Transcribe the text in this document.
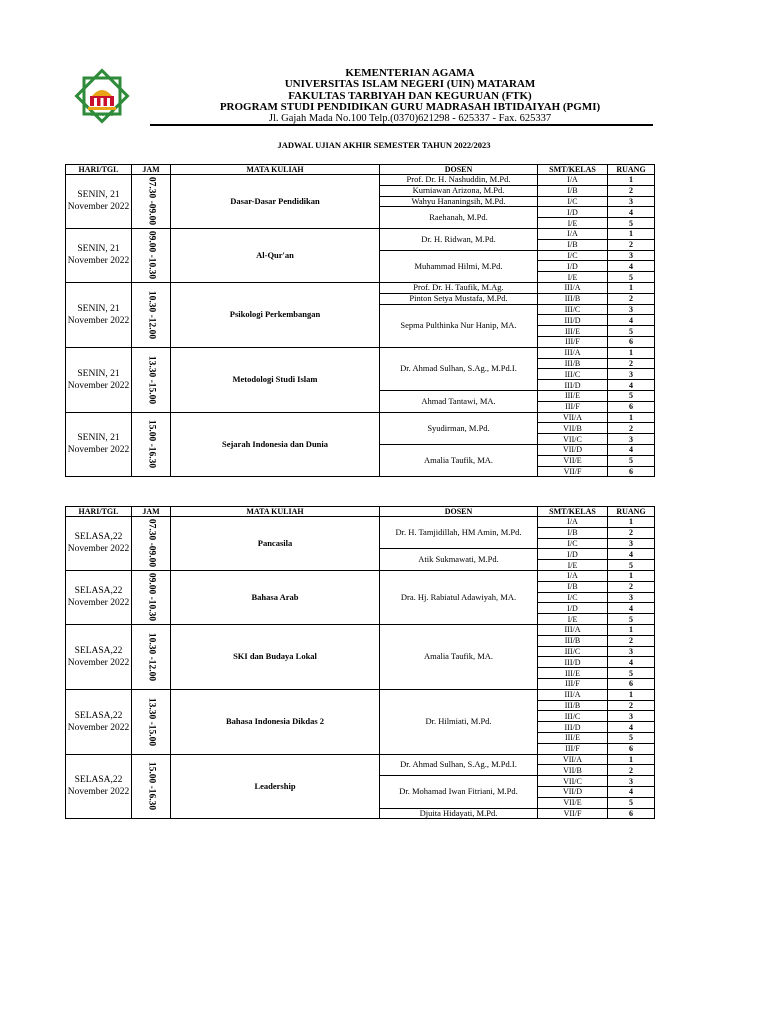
MATARAM
KEMENTERIAN AGAMA
UNIVERSITAS ISLAM NEGERI (UIN) MATARAM
FAKULTAS TARBIYAH DAN KEGURUAN (FTK)
PROGRAM STUDI PENDIDIKAN GURU MADRASAH IBTIDAIYAH (PGMI)
Jl. Gajah Mada No.100 Telp.(0370)621298 - 625337 - Fax. 625337
JADWAL UJIAN AKHIR SEMESTER TAHUN 2022/2023
HARI/TGL	JAM	MATA KULIAH	DOSEN	SMT/KELAS	RUANG
SENIN, 21 November 2022	07.30 -09.00	Dasar-Dasar Pendidikan	Prof. Dr. H. Nashuddin, M.Pd.	I/A	1
			Kurniawan Arizona, M.Pd.	I/B	2
			Wahyu Hananingsih, M.Pd.	I/C	3
			Raehanah, M.Pd.	I/D	4
				I/E	5
SENIN, 21 November 2022	09.00 -10.30	Al-Qur'an	Dr. H. Ridwan, M.Pd.	I/A	1
				I/B	2
			Muhammad Hilmi, M.Pd.	I/C	3
				I/D	4
				I/E	5
SENIN, 21 November 2022	10.30 -12.00	Psikologi Perkembangan	Prof. Dr. H. Taufik, M.Ag.	III/A	1
			Pinton Setya Mustafa, M.Pd.	III/B	2
			Sepma Pulthinka Nur Hanip, MA.	III/C	3
				III/D	4
				III/E	5
				III/F	6
SENIN, 21 November 2022	13.30 -15.00	Metodologi Studi Islam	Dr. Ahmad Sulhan, S.Ag., M.Pd.I.	III/A	1
				III/B	2
				III/C	3
				III/D	4
			Ahmad Tantawi, MA.	III/E	5
				III/F	6
SENIN, 21 November 2022	15.00 -16.30	Sejarah Indonesia dan Dunia	Syudirman, M.Pd.	VII/A	1
				VII/B	2
				VII/C	3
			Amalia Taufik, MA.	VII/D	4
				VII/E	5
				VII/F	6
HARI/TGL	JAM	MATA KULIAH	DOSEN	SMT/KELAS	RUANG
SELASA,22 November 2022	07.30 -09.00	Pancasila	Dr. H. Tamjidillah, HM Amin, M.Pd.	I/A	1
				I/B	2
				I/C	3
			Atik Sukmawati, M.Pd.	I/D	4
				I/E	5
SELASA,22 November 2022	09.00 -10.30	Bahasa Arab	Dra. Hj. Rabiatul Adawiyah, MA.	I/A	1
				I/B	2
				I/C	3
				I/D	4
				I/E	5
SELASA,22 November 2022	10.30 -12.00	SKI dan Budaya Lokal	Amalia Taufik, MA.	III/A	1
				III/B	2
				III/C	3
				III/D	4
				III/E	5
				III/F	6
SELASA,22 November 2022	13.30 -15.00	Bahasa Indonesia Dikdas 2	Dr. Hilmiati, M.Pd.	III/A	1
				III/B	2
				III/C	3
				III/D	4
				III/E	5
				III/F	6
SELASA,22 November 2022	15.00 -16.30	Leadership	Dr. Ahmad Sulhan, S.Ag., M.Pd.I.	VII/A	1
				VII/B	2
			Dr. Mohamad Iwan Fitriani, M.Pd.	VII/C	3
				VII/D	4
				VII/E	5
			Djuita Hidayati, M.Pd.	VII/F	6
